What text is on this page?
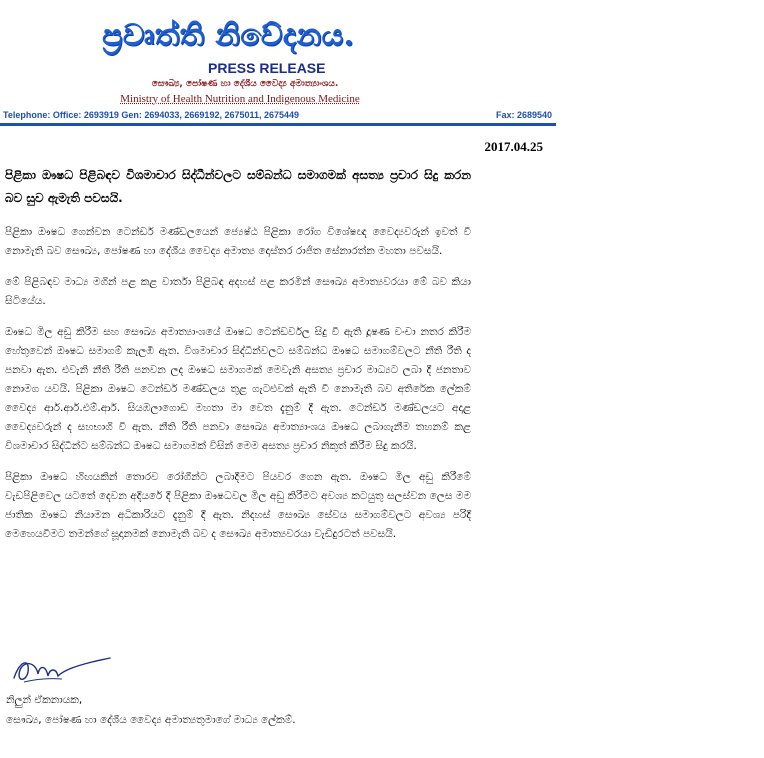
ප්‍රවෘත්ති නිවේදනය.
PRESS RELEASE
සෞඛ්‍ය, පෝෂණ හා දේශීය වෛද්‍ය අමාත්‍යාංශය.
Ministry of Health Nutrition and Indigenous Medicine
Telephone: Office: 2693919 Gen: 2694033, 2669192, 2675011, 2675449	Fax: 2689540
2017.04.25

පිළිකා ඖෂධ පිළිබඳව විශමාචාර සිද්ධීන්වලට සම්බන්ධ සමාගමක් අසත්‍ය ප්‍රචාර සිදු කරන බව සුව ඇමැති පවසයි.

පිළිකා ඖෂධ ගෙන්වන ටෙන්ඩර් මණ්ඩලයෙන් ජ්‍යෙෂ්ඨ පිළිකා රෝග විශේෂඥ වෛද්‍යවරුන් ඉවත් වී නොමැති බව සෞඛ්‍ය, පෝෂණ හා දේශීය වෛද්‍ය අමාත්‍ය දොස්තර රාජිත සේනාරත්න මහතා පවසයි.

මේ පිළිබඳව මාධ්‍ය මගින් පළ කළ වාර්තා පිළිබඳ අදහස් පළ කරමින් සෞඛ්‍ය අමාත්‍යවරයා මේ බව කියා සිටියේය.

ඖෂධ මිල අඩු කිරීම සහ සෞඛ්‍ය අමාත්‍යාංශයේ ඖෂධ ටෙන්ඩර්වල සිදු වී ඇති දූෂණ වංචා නතර කිරීම හේතුවෙන් ඖෂධ සමාගම් කැලඹී ඇත. විශමාචාර සිද්ධීන්වලට සම්බන්ධ ඖෂධ සමාගම්වලට නීති රීති ද පනවා ඇත. එවැනි නීති රීති පනවන ලද ඖෂධ සමාගමක් මෙවැනි අසත්‍ය ප්‍රචාර මාධ්‍යට ලබා දී ජනතාව නොමග යවයි. පිළිකා ඖෂධ ටෙන්ඩර් මණ්ඩලය තුළ ගැටළුවක් ඇති වී නොමැති බව අතිරේක ලේකම් වෛද්‍ය ආර්.ආර්.එම්.ආර්. සියඹලාගොඩ මහතා මා වෙත දැනුම් දී ඇත. ටෙන්ඩර් මණ්ඩලයට අදාළ වෛද්‍යවරුන් ද සහභාගි වී ඇත. නීති රීති පනවා සෞඛ්‍ය අමාත්‍යාංශය ඖෂධ ලබාගැනීම තහනම් කළ විශමාචාර සිද්ධීන්ට සම්බන්ධ ඖෂධ සමාගමක් විසින් මෙම අසත්‍ය ප්‍රචාර නිකුත් කිරීම සිදු කරයි.

පිළිකා ඖෂධ හිඟයකින් තොරව රෝගීන්ට ලබාදීමට පියවර ගෙන ඇත. ඖෂධ මිල අඩු කිරීමේ වැඩපිළිවෙල යටතේ දෙවන අදියරේ දී පිළිකා ඖෂධවල මිල අඩු කිරීමට අවශ්‍ය කටයුතු සලස්වන ලෙස මම ජාතික ඖෂධ නියාමන අධිකාරියට දැනුම් දී ඇත. නිදහස් සෞඛ්‍ය සේවය සමාගම්වලට අවශ්‍ය පරිදි මෙහෙයවීමට තමන්ගේ සූදානමක් නොමැති බව ද සෞඛ්‍ය අමාත්‍යවරයා වැඩිදුරටත් පවසයි.

නිලුන් ඒකනායක,
සෞඛ්‍ය, පෝෂණ හා දේශීය වෛද්‍ය අමාත්‍යතුමාගේ මාධ්‍ය ලේකම්.
